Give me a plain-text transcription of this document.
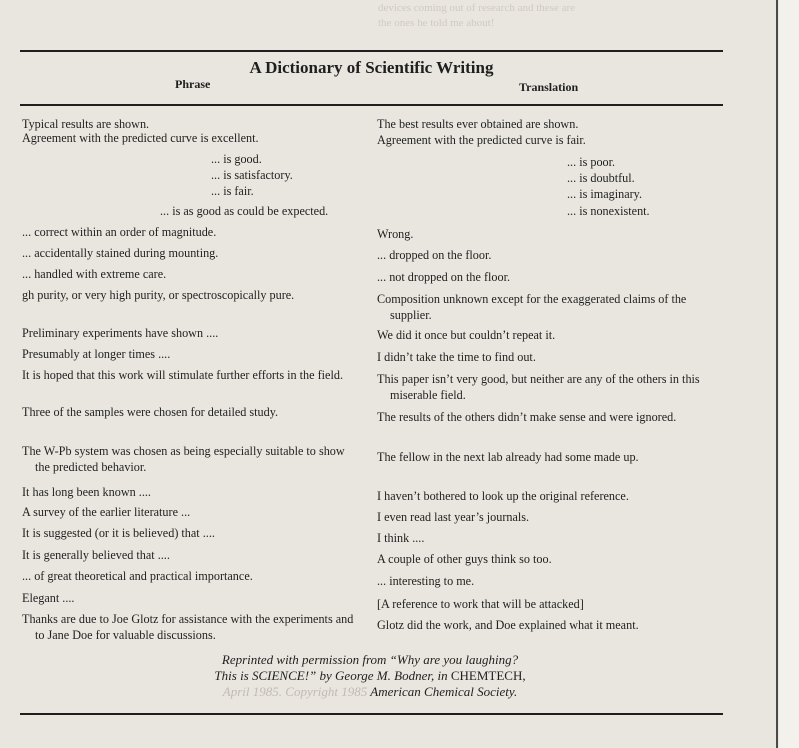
devices coming out of research and these are
the ones he told me about!
A Dictionary of Scientific Writing
Phrase	Translation
Typical results are shown.
Agreement with the predicted curve is excellent.
... is good.
... is satisfactory.
... is fair.
... is as good as could be expected.
... correct within an order of magnitude.
... accidentally stained during mounting.
... handled with extreme care.
gh purity, or very high purity, or spectroscopically pure.
Preliminary experiments have shown ....
Presumably at longer times ....
It is hoped that this work will stimulate further efforts in the field.
Three of the samples were chosen for detailed study.
The W-Pb system was chosen as being especially suitable to show the predicted behavior.
It has long been known ....
A survey of the earlier literature ...
It is suggested (or it is believed) that ....
It is generally believed that ....
... of great theoretical and practical importance.
Elegant ....
Thanks are due to Joe Glotz for assistance with the experiments and to Jane Doe for valuable discussions.
The best results ever obtained are shown.
Agreement with the predicted curve is fair.
... is poor.
... is doubtful.
... is imaginary.
... is nonexistent.
Wrong.
... dropped on the floor.
... not dropped on the floor.
Composition unknown except for the exaggerated claims of the supplier.
We did it once but couldn’t repeat it.
I didn’t take the time to find out.
This paper isn’t very good, but neither are any of the others in this miserable field.
The results of the others didn’t make sense and were ignored.
The fellow in the next lab already had some made up.
I haven’t bothered to look up the original reference.
I even read last year’s journals.
I think ....
A couple of other guys think so too.
... interesting to me.
[A reference to work that will be attacked]
Glotz did the work, and Doe explained what it meant.
Reprinted with permission from “Why are you laughing?
This is SCIENCE!” by George M. Bodner, in CHEMTECH,
April 1985. Copyright 1985 American Chemical Society.
